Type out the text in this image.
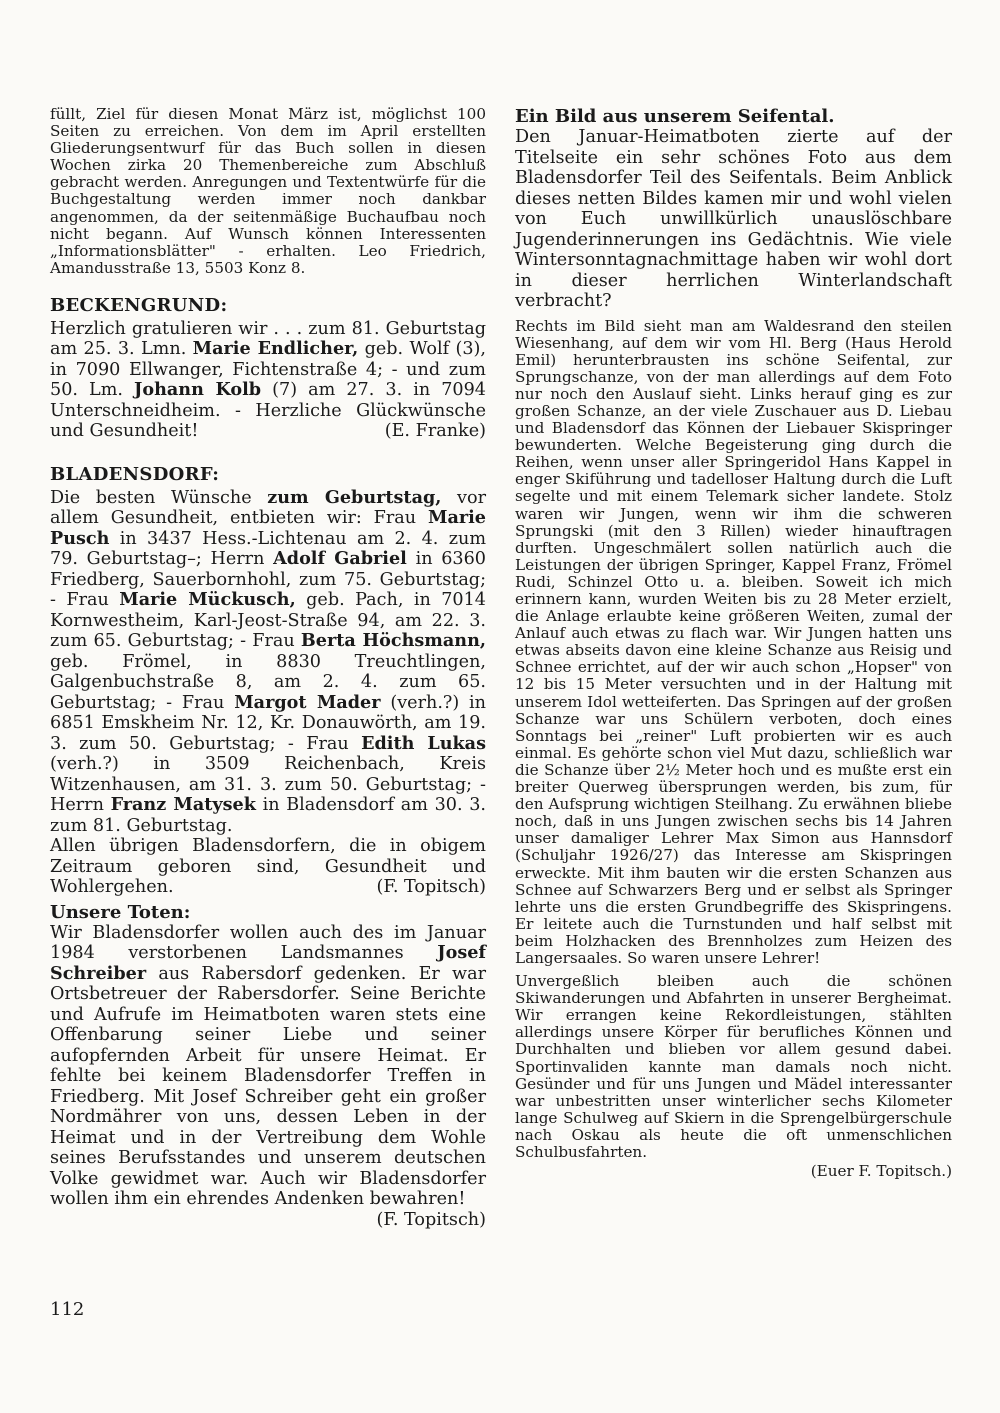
füllt, Ziel für diesen Monat März ist, möglichst 100 Seiten zu erreichen. Von dem im April erstellten Gliederungsentwurf für das Buch sollen in diesen Wochen zirka 20 Themenbereiche zum Abschluß gebracht werden. Anregungen und Textentwürfe für die Buchgestaltung werden immer noch dankbar angenommen, da der seitenmäßige Buchaufbau noch nicht begann. Auf Wunsch können Interessenten „Informationsblätter" - erhalten. Leo Friedrich, Amandusstraße 13, 5503 Konz 8.

BECKENGRUND:

Herzlich gratulieren wir . . . zum 81. Geburtstag am 25. 3. Lmn. Marie Endlicher, geb. Wolf (3), in 7090 Ellwanger, Fichtenstraße 4; - und zum 50. Lm. Johann Kolb (7) am 27. 3. in 7094 Unterschneidheim. - Herzliche Glückwünsche und Gesundheit!	(E. Franke)

BLADENSDORF:

Die besten Wünsche zum Geburtstag, vor allem Gesundheit, entbieten wir: Frau Marie Pusch in 3437 Hess.-Lichtenau am 2. 4. zum 79. Geburtstag–; Herrn Adolf Gabriel in 6360 Friedberg, Sauerbornhohl, zum 75. Geburtstag; - Frau Marie Mückusch, geb. Pach, in 7014 Kornwestheim, Karl-Jeost-Straße 94, am 22. 3. zum 65. Geburtstag; - Frau Berta Höchsmann, geb. Frömel, in 8830 Treuchtlingen, Galgenbuchstraße 8, am 2. 4. zum 65. Geburtstag; - Frau Margot Mader (verh.?) in 6851 Emskheim Nr. 12, Kr. Donauwörth, am 19. 3. zum 50. Geburtstag; - Frau Edith Lukas (verh.?) in 3509 Reichenbach, Kreis Witzenhausen, am 31. 3. zum 50. Geburtstag; - Herrn Franz Matysek in Bladensdorf am 30. 3. zum 81. Geburtstag.

Allen übrigen Bladensdorfern, die in obigem Zeitraum geboren sind, Gesundheit und Wohlergehen.	(F. Topitsch)

Unsere Toten:

Wir Bladensdorfer wollen auch des im Januar 1984 verstorbenen Landsmannes Josef Schreiber aus Rabersdorf gedenken. Er war Ortsbetreuer der Rabersdorfer. Seine Berichte und Aufrufe im Heimatboten waren stets eine Offenbarung seiner Liebe und seiner aufopfernden Arbeit für unsere Heimat. Er fehlte bei keinem Bladensdorfer Treffen in Friedberg. Mit Josef Schreiber geht ein großer Nordmährer von uns, dessen Leben in der Heimat und in der Vertreibung dem Wohle seines Berufsstandes und unserem deutschen Volke gewidmet war. Auch wir Bladensdorfer wollen ihm ein ehrendes Andenken bewahren!
(F. Topitsch)

Ein Bild aus unserem Seifental.

Den Januar-Heimatboten zierte auf der Titelseite ein sehr schönes Foto aus dem Bladensdorfer Teil des Seifentals. Beim Anblick dieses netten Bildes kamen mir und wohl vielen von Euch unwillkürlich unauslöschbare Jugenderinnerungen ins Gedächtnis. Wie viele Wintersonntagnachmittage haben wir wohl dort in dieser herrlichen Winterlandschaft verbracht?

Rechts im Bild sieht man am Waldesrand den steilen Wiesenhang, auf dem wir vom Hl. Berg (Haus Herold Emil) herunterbrausten ins schöne Seifental, zur Sprungschanze, von der man allerdings auf dem Foto nur noch den Auslauf sieht. Links herauf ging es zur großen Schanze, an der viele Zuschauer aus D. Liebau und Bladensdorf das Können der Liebauer Skispringer bewunderten. Welche Begeisterung ging durch die Reihen, wenn unser aller Springeridol Hans Kappel in enger Skiführung und tadelloser Haltung durch die Luft segelte und mit einem Telemark sicher landete. Stolz waren wir Jungen, wenn wir ihm die schweren Sprungski (mit den 3 Rillen) wieder hinauftragen durften. Ungeschmälert sollen natürlich auch die Leistungen der übrigen Springer, Kappel Franz, Frömel Rudi, Schinzel Otto u. a. bleiben. Soweit ich mich erinnern kann, wurden Weiten bis zu 28 Meter erzielt, die Anlage erlaubte keine größeren Weiten, zumal der Anlauf auch etwas zu flach war. Wir Jungen hatten uns etwas abseits davon eine kleine Schanze aus Reisig und Schnee errichtet, auf der wir auch schon „Hopser" von 12 bis 15 Meter versuchten und in der Haltung mit unserem Idol wetteiferten. Das Springen auf der großen Schanze war uns Schülern verboten, doch eines Sonntags bei „reiner" Luft probierten wir es auch einmal. Es gehörte schon viel Mut dazu, schließlich war die Schanze über 2½ Meter hoch und es mußte erst ein breiter Querweg übersprungen werden, bis zum, für den Aufsprung wichtigen Steilhang. Zu erwähnen bliebe noch, daß in uns Jungen zwischen sechs bis 14 Jahren unser damaliger Lehrer Max Simon aus Hannsdorf (Schuljahr 1926/27) das Interesse am Skispringen erweckte. Mit ihm bauten wir die ersten Schanzen aus Schnee auf Schwarzers Berg und er selbst als Springer lehrte uns die ersten Grundbegriffe des Skispringens. Er leitete auch die Turnstunden und half selbst mit beim Holzhacken des Brennholzes zum Heizen des Langersaales. So waren unsere Lehrer!

Unvergeßlich bleiben auch die schönen Skiwanderungen und Abfahrten in unserer Bergheimat. Wir errangen keine Rekordleistungen, stählten allerdings unsere Körper für berufliches Können und Durchhalten und blieben vor allem gesund dabei. Sportinvaliden kannte man damals noch nicht. Gesünder und für uns Jungen und Mädel interessanter war unbestritten unser winterlicher sechs Kilometer lange Schulweg auf Skiern in die Sprengelbürgerschule nach Oskau als heute die oft unmenschlichen Schulbusfahrten.

(Euer F. Topitsch.)

112
